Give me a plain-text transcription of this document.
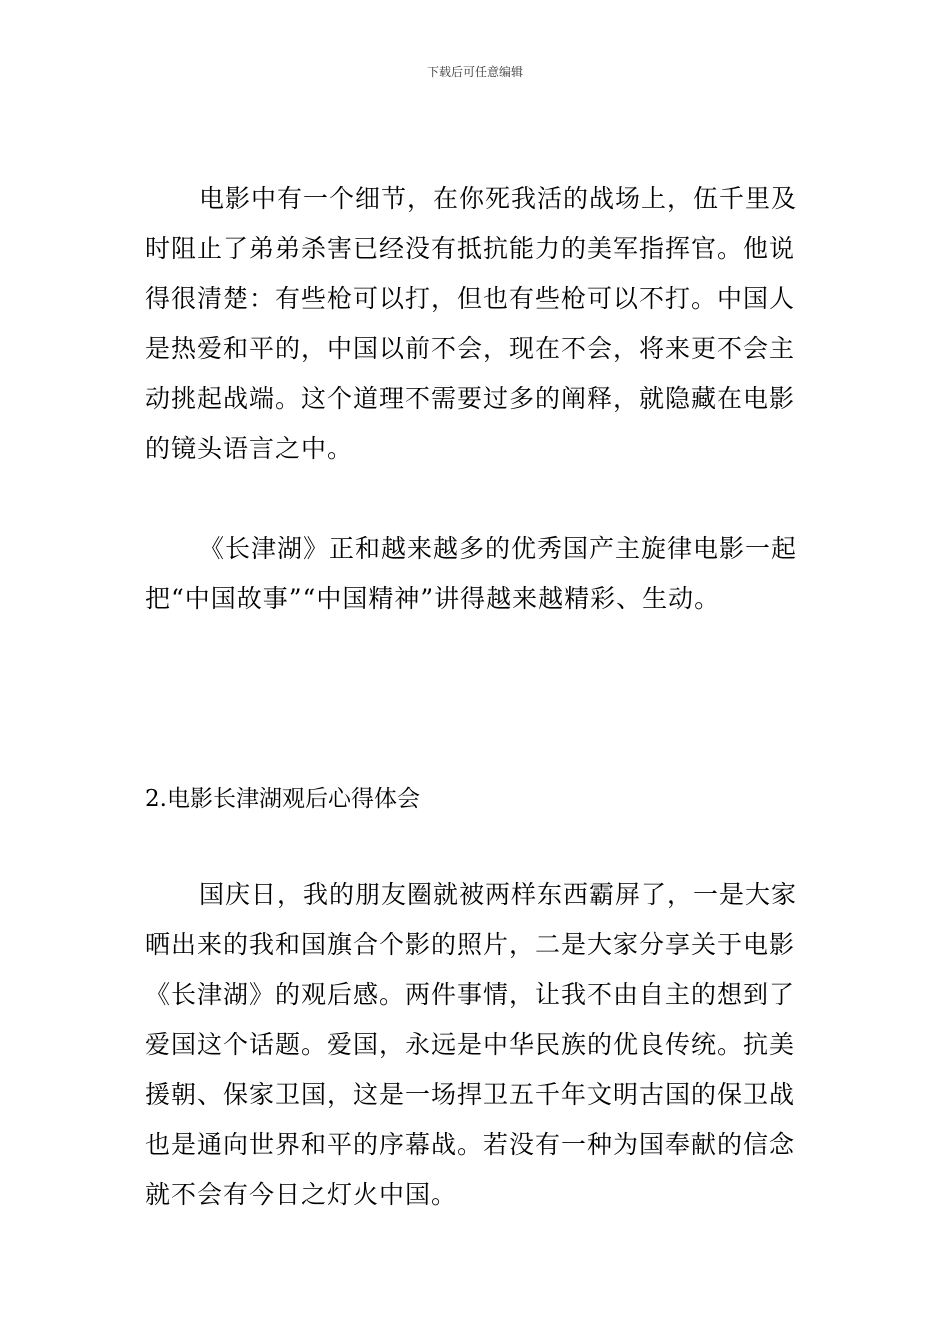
下载后可任意编辑

电影中有一个细节，在你死我活的战场上，伍千里及时阻止了弟弟杀害已经没有抵抗能力的美军指挥官。他说得很清楚：有些枪可以打，但也有些枪可以不打。中国人是热爱和平的，中国以前不会，现在不会，将来更不会主动挑起战端。这个道理不需要过多的阐释，就隐藏在电影的镜头语言之中。

《长津湖》正和越来越多的优秀国产主旋律电影一起把“中国故事”“中国精神”讲得越来越精彩、生动。

2.电影长津湖观后心得体会

国庆日，我的朋友圈就被两样东西霸屏了，一是大家晒出来的我和国旗合个影的照片，二是大家分享关于电影《长津湖》的观后感。两件事情，让我不由自主的想到了爱国这个话题。爱国，永远是中华民族的优良传统。抗美援朝、保家卫国，这是一场捍卫五千年文明古国的保卫战也是通向世界和平的序幕战。若没有一种为国奉献的信念就不会有今日之灯火中国。
